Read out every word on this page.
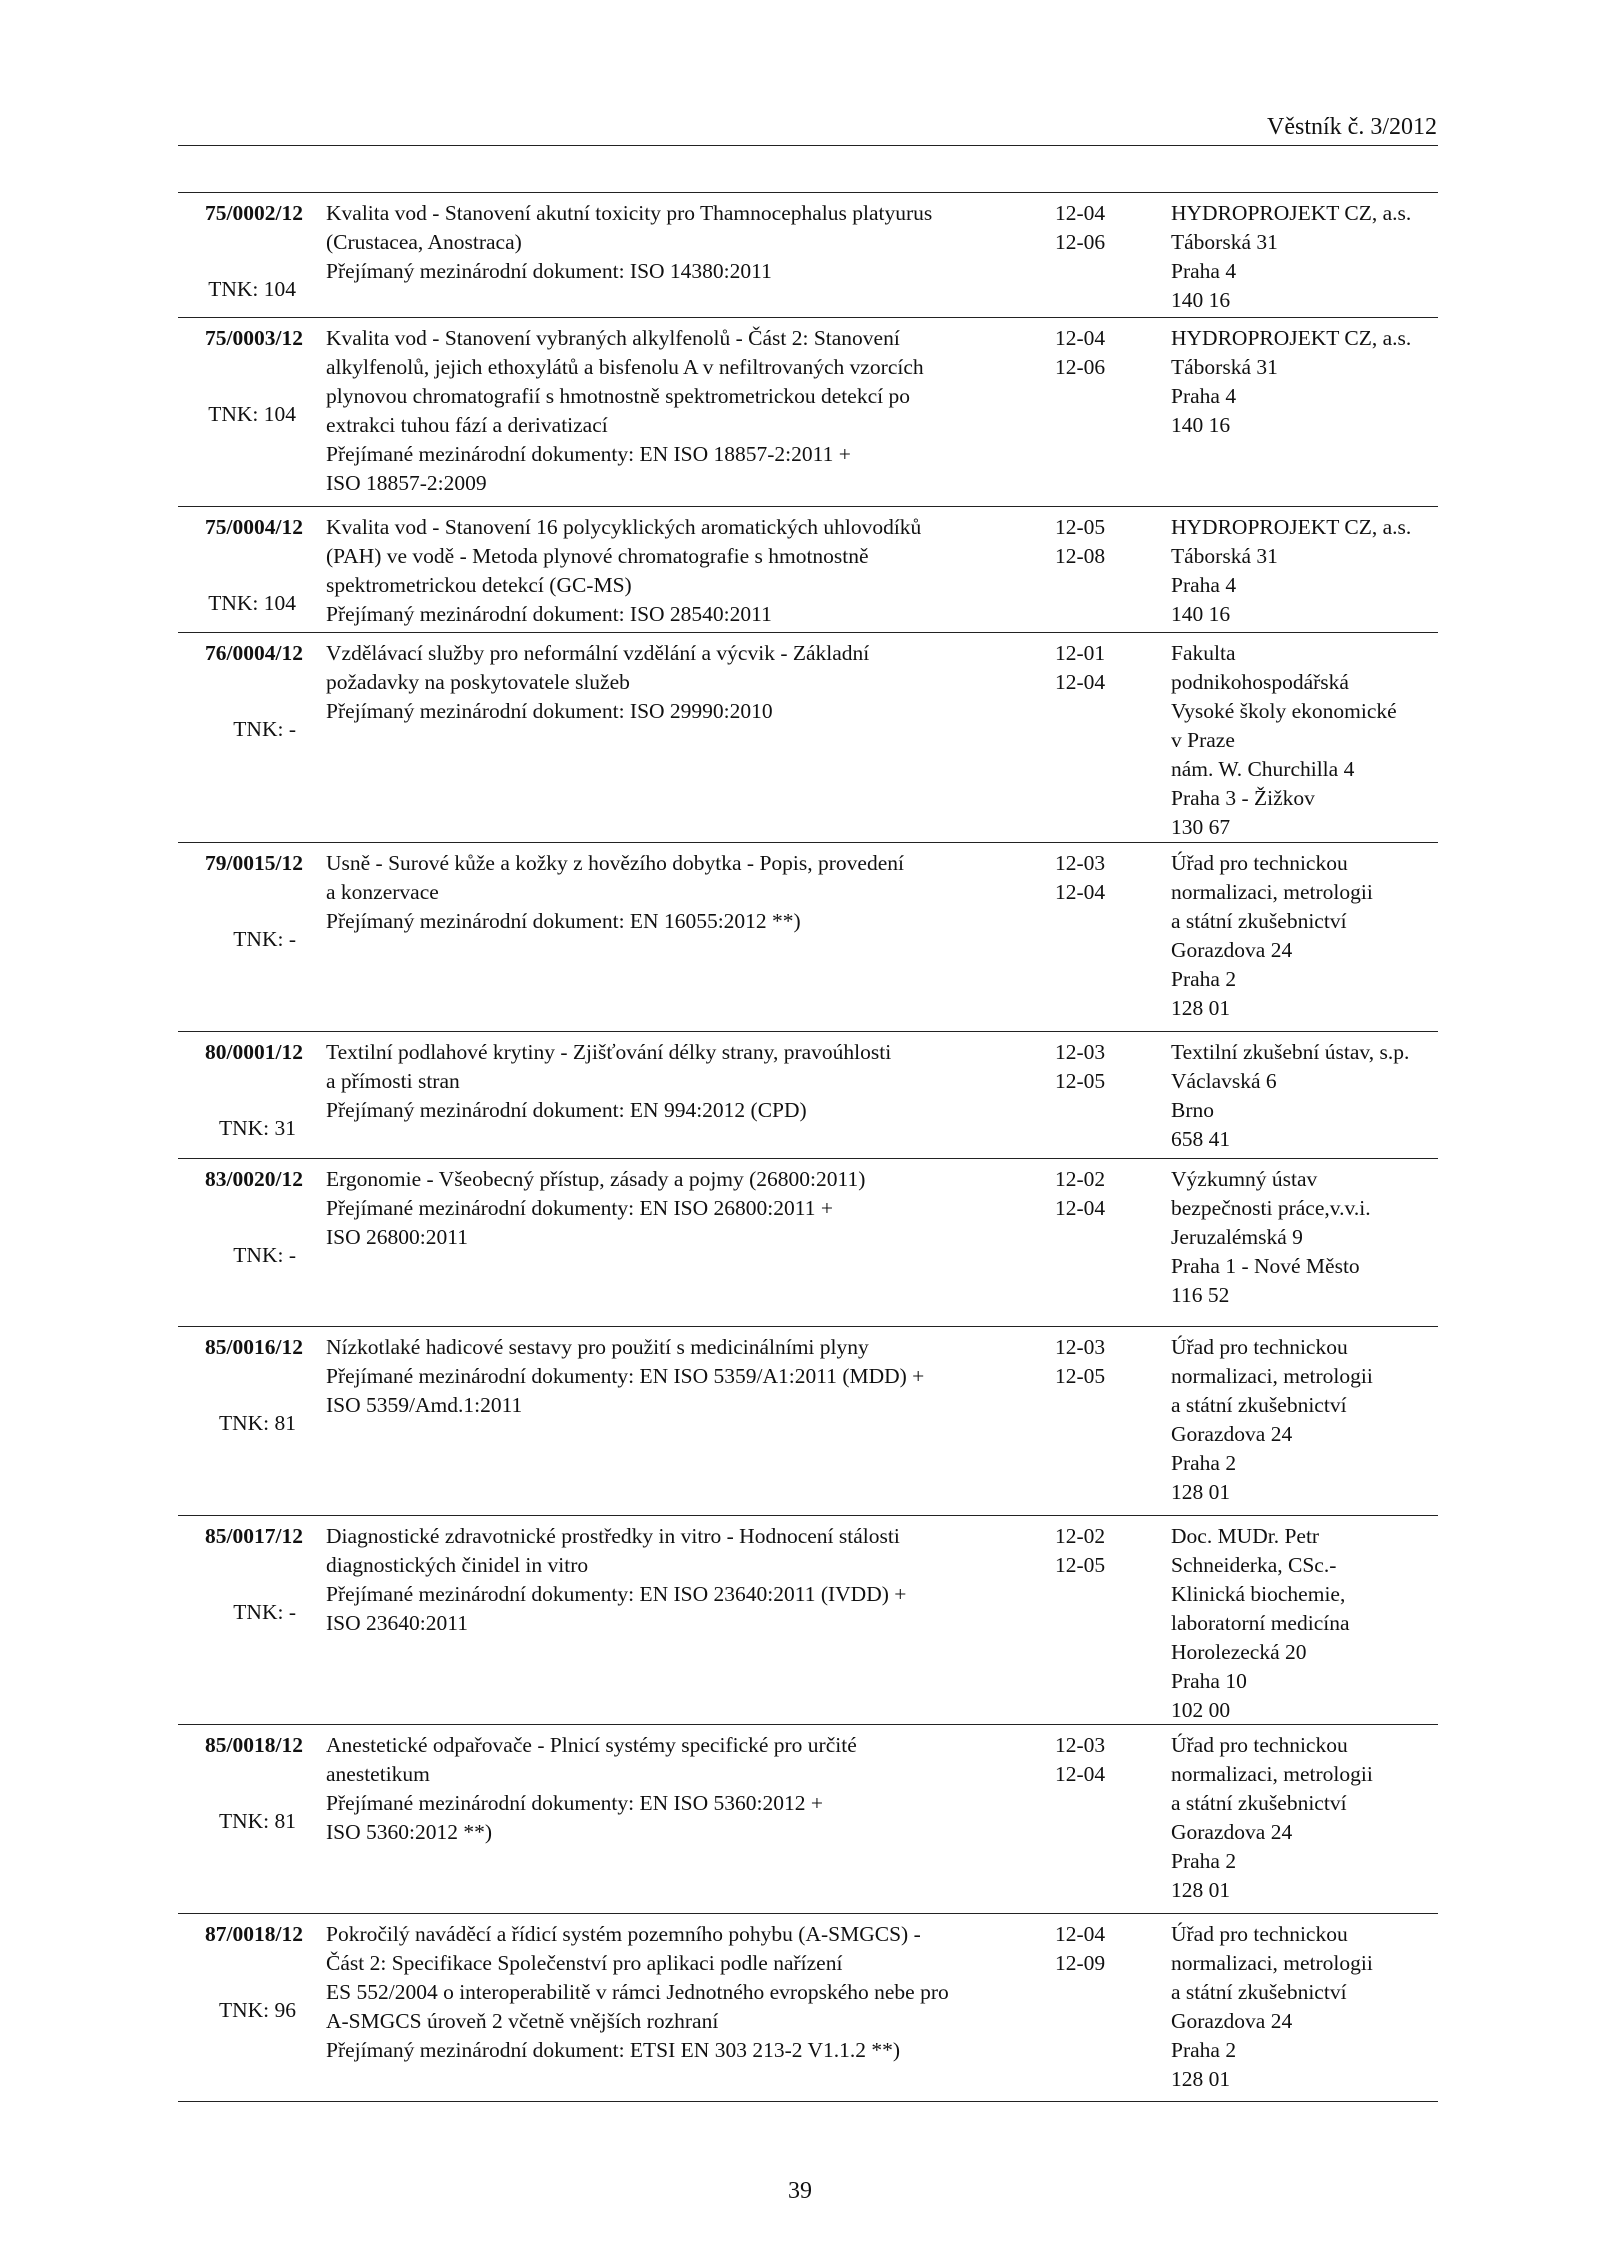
Věstník č. 3/2012
75/0002/12
TNK: 104
Kvalita vod - Stanovení akutní toxicity pro Thamnocephalus platyurus
(Crustacea, Anostraca)
Přejímaný mezinárodní dokument: ISO 14380:2011
12-04
12-06
HYDROPROJEKT CZ, a.s.
Táborská 31
Praha 4
140 16
75/0003/12
TNK: 104
Kvalita vod - Stanovení vybraných alkylfenolů - Část 2: Stanovení
alkylfenolů, jejich ethoxylátů a bisfenolu A v nefiltrovaných vzorcích
plynovou chromatografií s hmotnostně spektrometrickou detekcí po
extrakci tuhou fází a derivatizací
Přejímané mezinárodní dokumenty: EN ISO 18857-2:2011 +
ISO 18857-2:2009
12-04
12-06
HYDROPROJEKT CZ, a.s.
Táborská 31
Praha 4
140 16
75/0004/12
TNK: 104
Kvalita vod - Stanovení 16 polycyklických aromatických uhlovodíků
(PAH) ve vodě - Metoda plynové chromatografie s hmotnostně
spektrometrickou detekcí (GC-MS)
Přejímaný mezinárodní dokument: ISO 28540:2011
12-05
12-08
HYDROPROJEKT CZ, a.s.
Táborská 31
Praha 4
140 16
76/0004/12
TNK: -
Vzdělávací služby pro neformální vzdělání a výcvik - Základní
požadavky na poskytovatele služeb
Přejímaný mezinárodní dokument: ISO 29990:2010
12-01
12-04
Fakulta
podnikohospodářská
Vysoké školy ekonomické
v Praze
nám. W. Churchilla 4
Praha 3 - Žižkov
130 67
79/0015/12
TNK: -
Usně - Surové kůže a kožky z hovězího dobytka - Popis, provedení
a konzervace
Přejímaný mezinárodní dokument: EN 16055:2012 **)
12-03
12-04
Úřad pro technickou
normalizaci, metrologii
a státní zkušebnictví
Gorazdova 24
Praha 2
128 01
80/0001/12
TNK: 31
Textilní podlahové krytiny - Zjišťování délky strany, pravoúhlosti
a přímosti stran
Přejímaný mezinárodní dokument: EN 994:2012 (CPD)
12-03
12-05
Textilní zkušební ústav, s.p.
Václavská 6
Brno
658 41
83/0020/12
TNK: -
Ergonomie - Všeobecný přístup, zásady a pojmy (26800:2011)
Přejímané mezinárodní dokumenty: EN ISO 26800:2011 +
ISO 26800:2011
12-02
12-04
Výzkumný ústav
bezpečnosti práce,v.v.i.
Jeruzalémská 9
Praha 1 - Nové Město
116 52
85/0016/12
TNK: 81
Nízkotlaké hadicové sestavy pro použití s medicinálními plyny
Přejímané mezinárodní dokumenty: EN ISO 5359/A1:2011 (MDD) +
ISO 5359/Amd.1:2011
12-03
12-05
Úřad pro technickou
normalizaci, metrologii
a státní zkušebnictví
Gorazdova 24
Praha 2
128 01
85/0017/12
TNK: -
Diagnostické zdravotnické prostředky in vitro - Hodnocení stálosti
diagnostických činidel in vitro
Přejímané mezinárodní dokumenty: EN ISO 23640:2011 (IVDD) +
ISO 23640:2011
12-02
12-05
Doc. MUDr. Petr
Schneiderka, CSc.-
Klinická biochemie,
laboratorní medicína
Horolezecká 20
Praha 10
102 00
85/0018/12
TNK: 81
Anestetické odpařovače - Plnicí systémy specifické pro určité
anestetikum
Přejímané mezinárodní dokumenty: EN ISO 5360:2012 +
ISO 5360:2012 **)
12-03
12-04
Úřad pro technickou
normalizaci, metrologii
a státní zkušebnictví
Gorazdova 24
Praha 2
128 01
87/0018/12
TNK: 96
Pokročilý naváděcí a řídicí systém pozemního pohybu (A-SMGCS) -
Část 2: Specifikace Společenství pro aplikaci podle nařízení
ES 552/2004 o interoperabilitě v rámci Jednotného evropského nebe pro
A-SMGCS úroveň 2 včetně vnějších rozhraní
Přejímaný mezinárodní dokument: ETSI EN 303 213-2 V1.1.2 **)
12-04
12-09
Úřad pro technickou
normalizaci, metrologii
a státní zkušebnictví
Gorazdova 24
Praha 2
128 01
39
